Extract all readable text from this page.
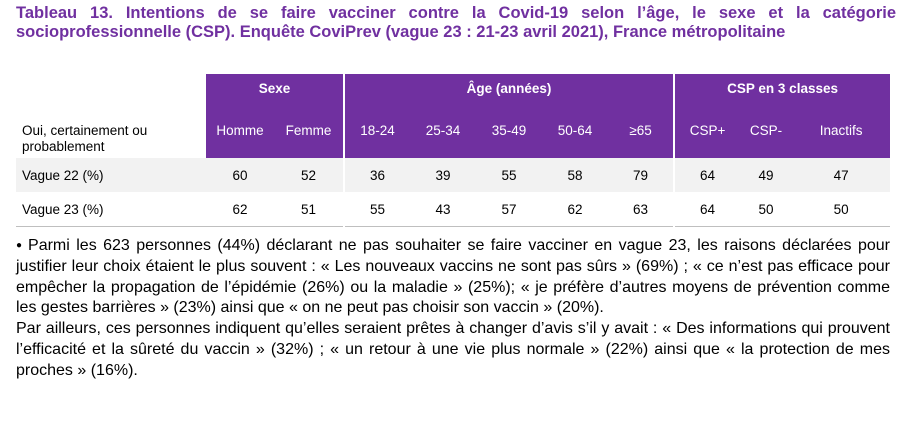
Tableau 13. Intentions de se faire vacciner contre la Covid-19 selon l’âge, le sexe et la catégorie
socioprofessionnelle (CSP). Enquête CoviPrev (vague 23 : 21-23 avril 2021), France métropolitaine
	Sexe		Âge (années)					CSP en 3 classes		
Oui, certainement ou probablement	Homme	Femme	18-24	25-34	35-49	50-64	≥65	CSP+	CSP-	Inactifs
Vague 22 (%)	60	52	36	39	55	58	79	64	49	47
Vague 23 (%)	62	51	55	43	57	62	63	64	50	50

● Parmi les 623 personnes (44%) déclarant ne pas souhaiter se faire vacciner en vague 23, les raisons déclarées pour justifier leur choix étaient le plus souvent : « Les nouveaux vaccins ne sont pas sûrs » (69%) ; « ce n’est pas efficace pour empêcher la propagation de l’épidémie (26%) ou la maladie » (25%); « je préfère d’autres moyens de prévention comme les gestes barrières » (23%) ainsi que « on ne peut pas choisir son vaccin » (20%).

Par ailleurs, ces personnes indiquent qu’elles seraient prêtes à changer d’avis s’il y avait : « Des informations qui prouvent l’efficacité et la sûreté du vaccin » (32%) ; « un retour à une vie plus normale » (22%) ainsi que « la protection de mes proches » (16%).
